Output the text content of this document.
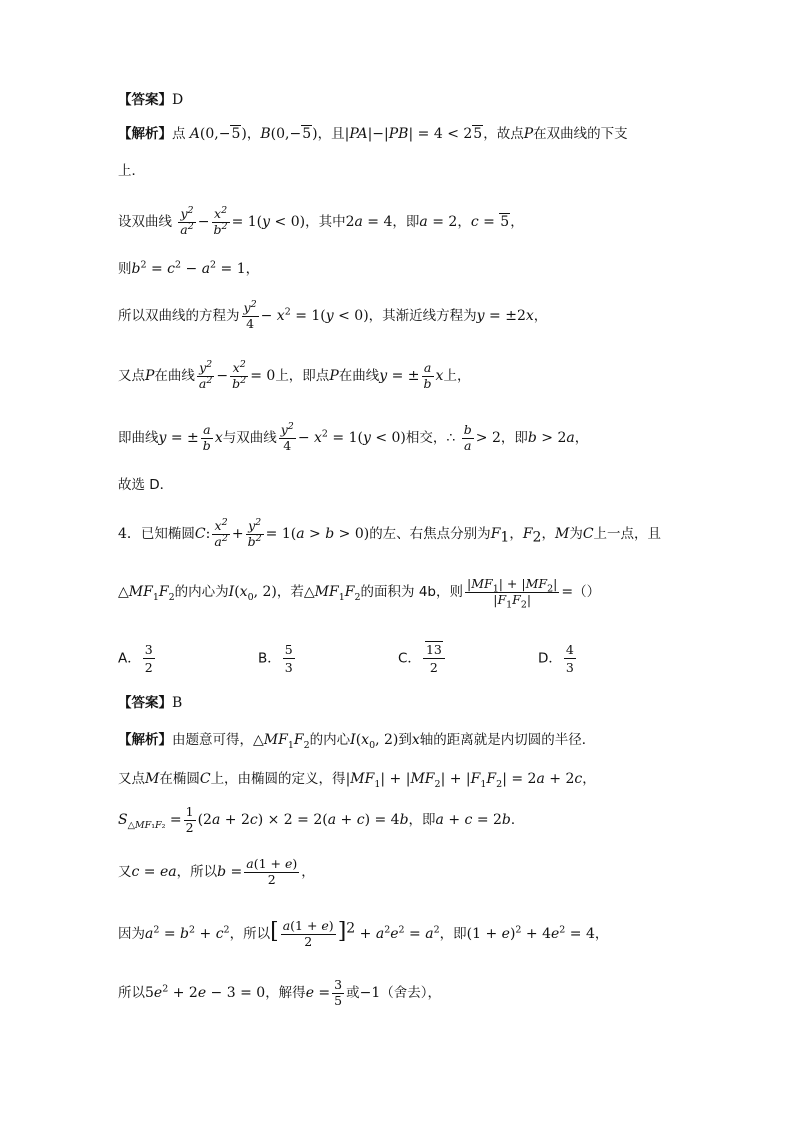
【答案】D
【解析】点 A(0,−5)，B(0,−5)，且|PA|−|PB| = 4 < 25，故点P在双曲线的下支
上．
设双曲线 $\frac{y^2}{a^2} - \frac{x^2}{b^2} = 1(y < 0)$，其中2a = 4，即a = 2，c = 5，
则$b^2 = c^2 - a^2 = 1$，
所以双曲线的方程为 $\frac{y^2}{4} - x^2 = 1(y < 0)$，其渐近线方程为y = ±2x，
又点P在曲线 $\frac{y^2}{a^2} - \frac{x^2}{b^2} = 0$上，即点P在曲线y = ± $\frac{a}{b}$ x上，
即曲线y = ± $\frac{a}{b}$ x与双曲线 $\frac{y^2}{4} - x^2 = 1(y < 0)$相交，∴ $\frac{b}{a} > 2$，即b > 2a，
故选 D．
4．已知椭圆C: $\frac{x^2}{a^2} + \frac{y^2}{b^2} = 1(a > b > 0)$的左、右焦点分别为$F_1$，$F_2$，M为C上一点，且
$\triangle MF_1F_2$的内心为$I(x_0$, 2)，若$\triangle MF_1F_2$的面积为 4b，则 $\frac{|MF_1| + |MF_2|}{|F_1F_2|}$ =（）
A． $\frac{3}{2}$	B． $\frac{5}{3}$	C． $\frac{13}{2}$	D． $\frac{4}{3}$
【答案】B
【解析】由题意可得，$\triangle MF_1F_2$的内心$I(x_0$, 2)到x轴的距离就是内切圆的半径．
又点M在椭圆C上，由椭圆的定义，得$|MF_1| + |MF_2| + |F_1F_2| = 2a + 2c$，
$S_{\triangle MF_1F_2} = \frac{1}{2} (2a + 2c) \times 2 = 2(a + c) = 4b$，即a + c = 2b．
又c = ea，所以$b = \frac{a(1 + e)}{2}$ ，
因为$a^2 = b^2 + c^2$，所以[ $\frac{a(1 + e)}{2} ]^2 + a^2e^2 = a^2$，即$(1 + e)^2 + 4e^2 = 4$，
所以$5e^2 + 2e - 3 = 0$，解得$e = \frac{3}{5}$ 或−1（舍去），
